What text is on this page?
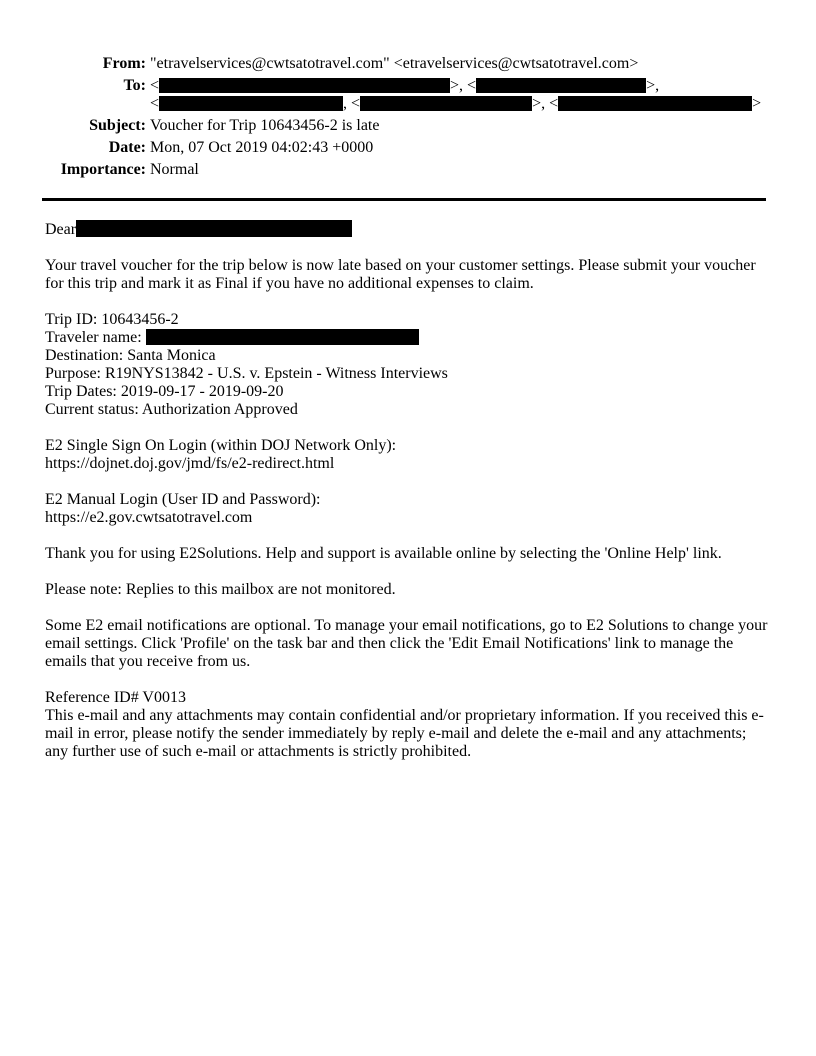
From: "etravelservices@cwtsatotravel.com" <etravelservices@cwtsatotravel.com>
To: <	>, <	>,
<	, <	>, <	>
Subject: Voucher for Trip 10643456-2 is late
Date: Mon, 07 Oct 2019 04:02:43 +0000
Importance: Normal

Dear

Your travel voucher for the trip below is now late based on your customer settings. Please submit your voucher
for this trip and mark it as Final if you have no additional expenses to claim.

Trip ID: 10643456-2
Traveler name:
Destination: Santa Monica
Purpose: R19NYS13842 - U.S. v. Epstein - Witness Interviews
Trip Dates: 2019-09-17 - 2019-09-20
Current status: Authorization Approved

E2 Single Sign On Login (within DOJ Network Only):
https://dojnet.doj.gov/jmd/fs/e2-redirect.html

E2 Manual Login (User ID and Password):
https://e2.gov.cwtsatotravel.com

Thank you for using E2Solutions. Help and support is available online by selecting the 'Online Help' link.

Please note: Replies to this mailbox are not monitored.

Some E2 email notifications are optional. To manage your email notifications, go to E2 Solutions to change your
email settings. Click 'Profile' on the task bar and then click the 'Edit Email Notifications' link to manage the
emails that you receive from us.

Reference ID# V0013
This e-mail and any attachments may contain confidential and/or proprietary information. If you received this e-
mail in error, please notify the sender immediately by reply e-mail and delete the e-mail and any attachments;
any further use of such e-mail or attachments is strictly prohibited.
